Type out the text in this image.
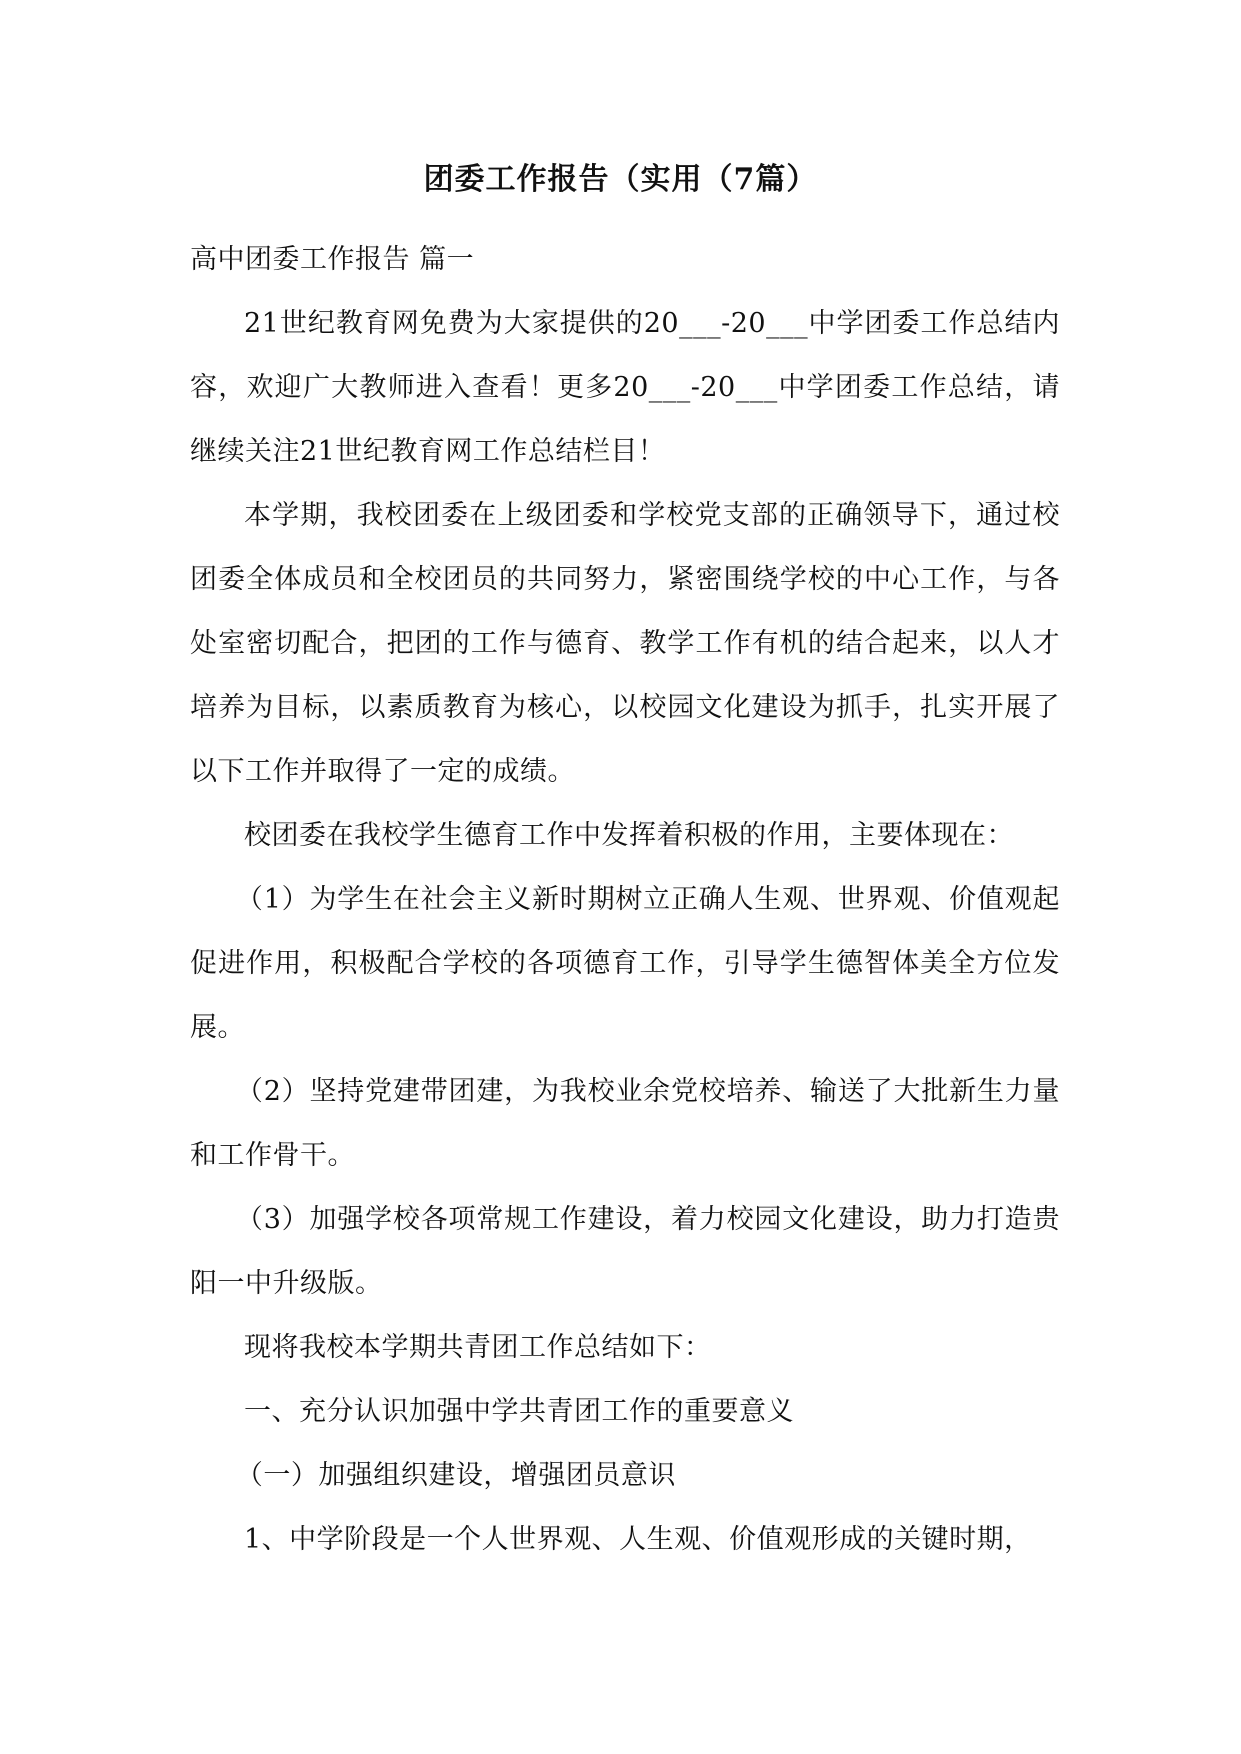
团委工作报告（实用（7篇）

高中团委工作报告 篇一

21世纪教育网免费为大家提供的20___-20___中学团委工作总结内容，欢迎广大教师进入查看！更多20___-20___中学团委工作总结，请继续关注21世纪教育网工作总结栏目！

本学期，我校团委在上级团委和学校党支部的正确领导下，通过校团委全体成员和全校团员的共同努力，紧密围绕学校的中心工作，与各处室密切配合，把团的工作与德育、教学工作有机的结合起来，以人才培养为目标，以素质教育为核心，以校园文化建设为抓手，扎实开展了以下工作并取得了一定的成绩。

校团委在我校学生德育工作中发挥着积极的作用，主要体现在：

（1）为学生在社会主义新时期树立正确人生观、世界观、价值观起促进作用，积极配合学校的各项德育工作，引导学生德智体美全方位发展。

（2）坚持党建带团建，为我校业余党校培养、输送了大批新生力量和工作骨干。

（3）加强学校各项常规工作建设，着力校园文化建设，助力打造贵阳一中升级版。

现将我校本学期共青团工作总结如下：

一、充分认识加强中学共青团工作的重要意义

（一）加强组织建设，增强团员意识

1、中学阶段是一个人世界观、人生观、价值观形成的关键时期，
